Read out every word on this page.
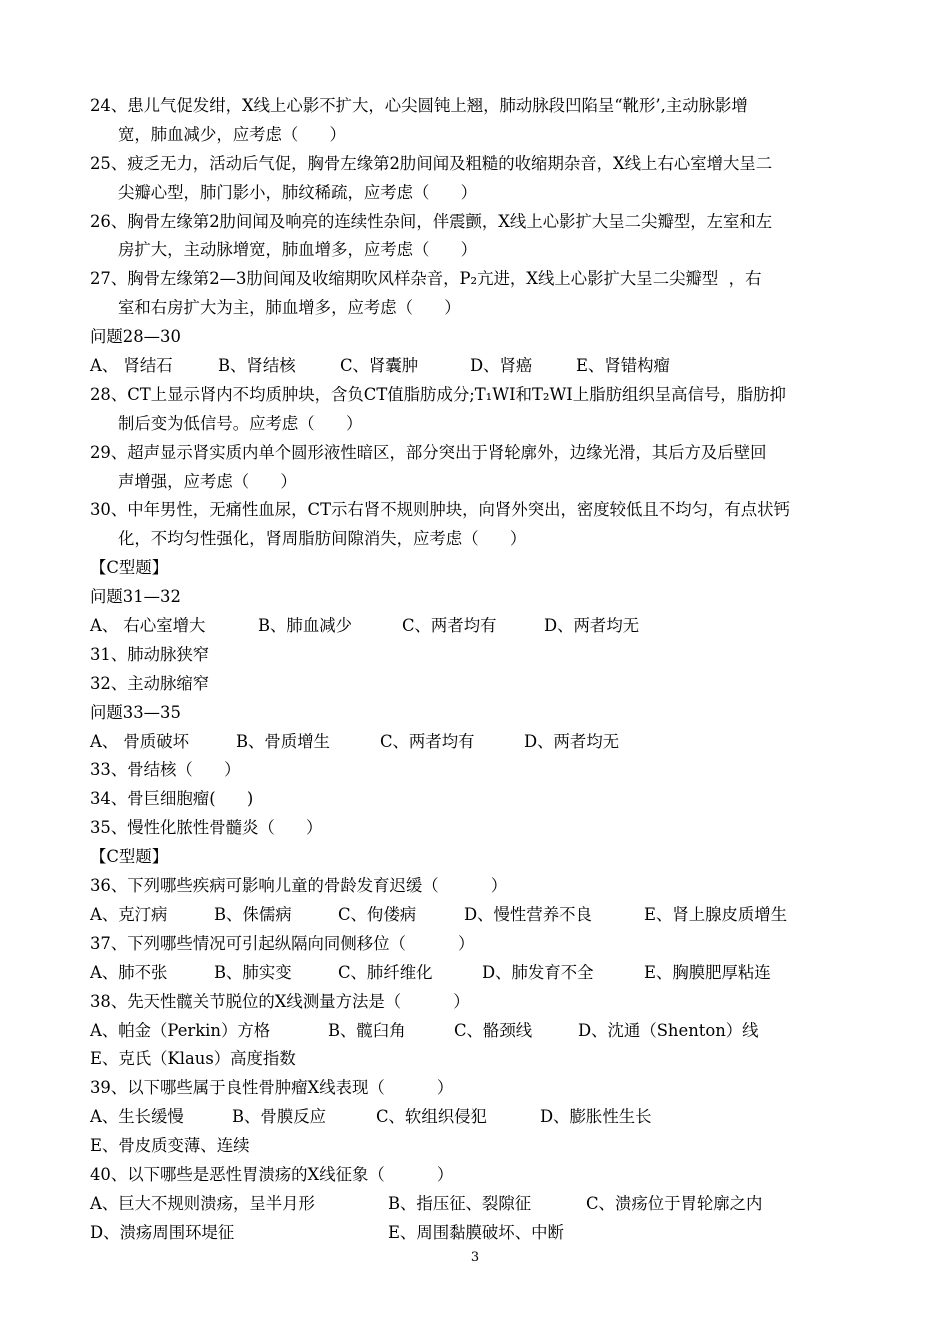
24、患儿气促发绀，X线上心影不扩大，心尖圆钝上翘，肺动脉段凹陷呈“靴形’,主动脉影增
宽，肺血减少，应考虑（      ）
25、疲乏无力，活动后气促，胸骨左缘第2肋间闻及粗糙的收缩期杂音，X线上右心室增大呈二
尖瓣心型，肺门影小，肺纹稀疏，应考虑（      ）
26、胸骨左缘第2肋间闻及响亮的连续性杂间，伴震颤，X线上心影扩大呈二尖瓣型，左室和左
房扩大，主动脉增宽，肺血增多，应考虑（      ）
27、胸骨左缘第2—3肋间闻及收缩期吹风样杂音，P₂亢进，X线上心影扩大呈二尖瓣型  ，右
室和右房扩大为主，肺血增多，应考虑（      ）
问题28—30
A、 肾结石	B、肾结核	C、肾囊肿	D、肾癌	E、肾错构瘤
28、CT上显示肾内不均质肿块，含负CT值脂肪成分;T₁WI和T₂WI上脂肪组织呈高信号，脂肪抑
制后变为低信号。应考虑（      ）
29、超声显示肾实质内单个圆形液性暗区，部分突出于肾轮廓外，边缘光滑，其后方及后壁回
声增强，应考虑（      ）
30、中年男性，无痛性血尿，CT示右肾不规则肿块，向肾外突出，密度较低且不均匀，有点状钙
化，不均匀性强化，肾周脂肪间隙消失，应考虑（      ）
【C型题】
问题31—32
A、 右心室增大	B、肺血减少	C、两者均有	D、两者均无
31、肺动脉狭窄
32、主动脉缩窄
问题33—35
A、 骨质破坏	B、骨质增生	C、两者均有	D、两者均无
33、骨结核（      ）
34、骨巨细胞瘤(      )
35、慢性化脓性骨髓炎（      ）
【C型题】
36、下列哪些疾病可影响儿童的骨龄发育迟缓（          ）
A、克汀病	B、侏儒病	C、佝偻病	D、慢性营养不良	E、肾上腺皮质增生
37、下列哪些情况可引起纵隔向同侧移位（          ）
A、肺不张	B、肺实变	C、肺纤维化	D、肺发育不全	E、胸膜肥厚粘连
38、先天性髋关节脱位的X线测量方法是（          ）
A、帕金（Perkin）方格	B、髋臼角	C、骼颈线	D、沈通（Shenton）线
E、克氏（Klaus）高度指数
39、以下哪些属于良性骨肿瘤X线表现（          ）
A、生长缓慢	B、骨膜反应	C、软组织侵犯	D、膨胀性生长
E、骨皮质变薄、连续
40、以下哪些是恶性胃溃疡的X线征象（          ）
A、巨大不规则溃疡，呈半月形	B、指压征、裂隙征	C、溃疡位于胃轮廓之内
D、溃疡周围环堤征	E、周围黏膜破坏、中断
3
